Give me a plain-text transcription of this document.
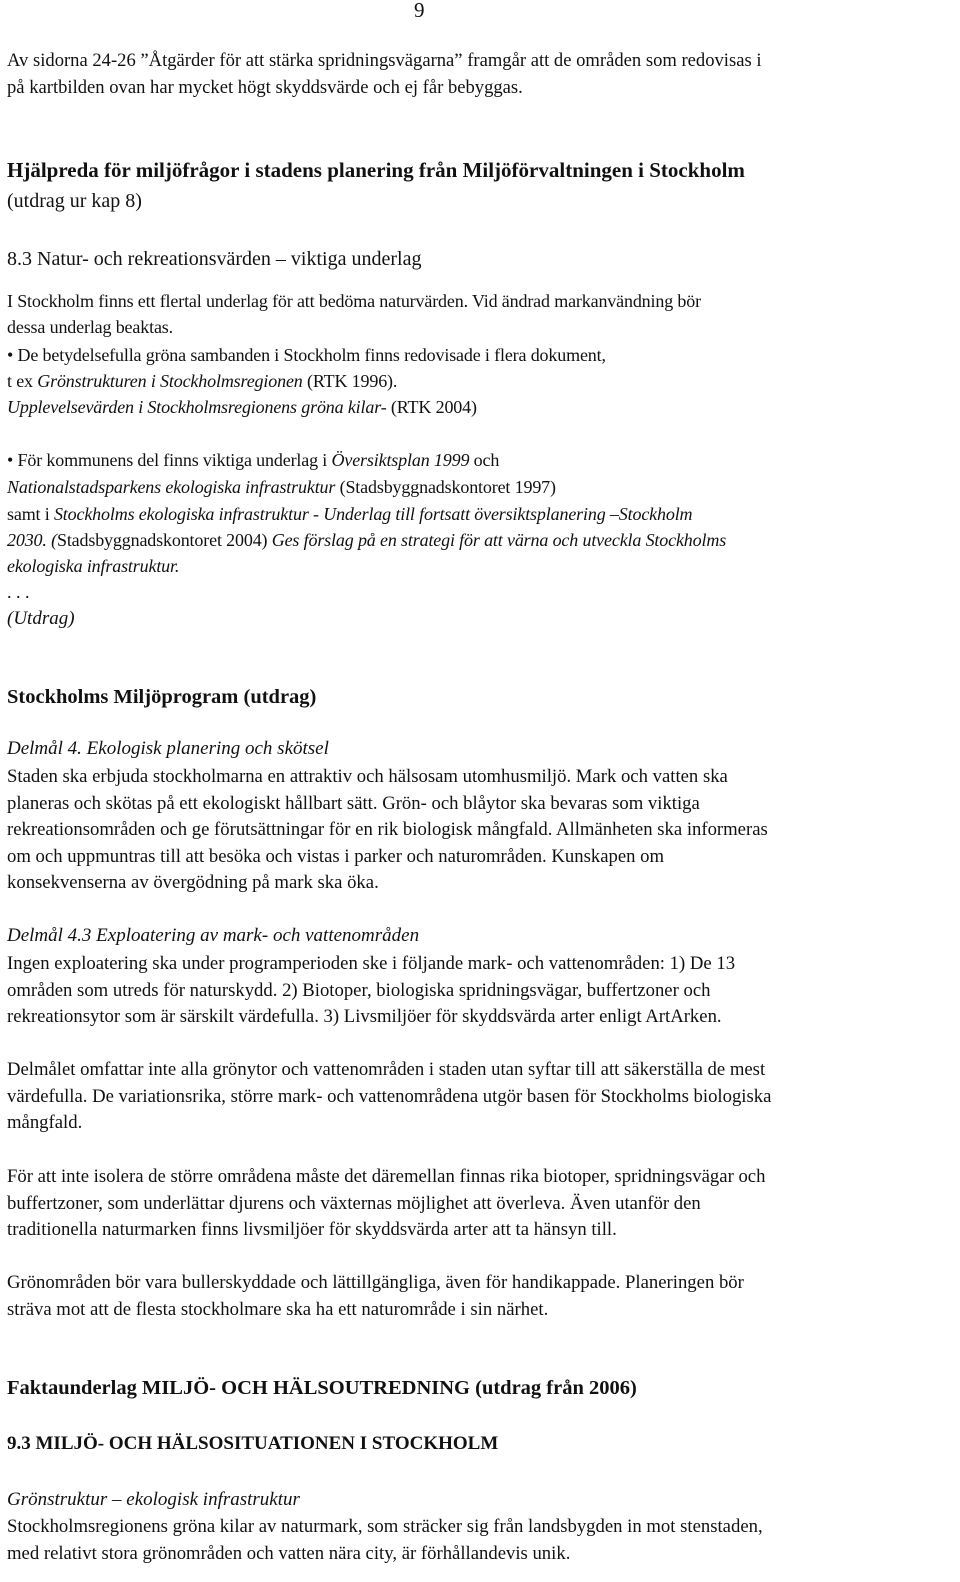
9
Av sidorna 24-26 ”Åtgärder för att stärka spridningsvägarna” framgår att de områden som redovisas i
på kartbilden ovan har mycket högt skyddsvärde och ej får bebyggas.
Hjälpreda för miljöfrågor i stadens planering från Miljöförvaltningen i Stockholm
(utdrag ur kap 8)
8.3 Natur- och rekreationsvärden – viktiga underlag
I Stockholm finns ett flertal underlag för att bedöma naturvärden. Vid ändrad markanvändning bör
dessa underlag beaktas.
• De betydelsefulla gröna sambanden i Stockholm finns redovisade i flera dokument,
t ex Grönstrukturen i Stockholmsregionen (RTK 1996).
Upplevelsevärden i Stockholmsregionens gröna kilar- (RTK 2004)
• För kommunens del finns viktiga underlag i Översiktsplan 1999 och
Nationalstadsparkens ekologiska infrastruktur (Stadsbyggnadskontoret 1997)
samt i Stockholms ekologiska infrastruktur - Underlag till fortsatt översiktsplanering –Stockholm
2030. (Stadsbyggnadskontoret 2004) Ges förslag på en strategi för att värna och utveckla Stockholms
ekologiska infrastruktur.
. . .
(Utdrag)
Stockholms Miljöprogram (utdrag)
Delmål 4. Ekologisk planering och skötsel

Staden ska erbjuda stockholmarna en attraktiv och hälsosam utomhusmiljö. Mark och vatten ska

planeras och skötas på ett ekologiskt hållbart sätt. Grön- och blåytor ska bevaras som viktiga

rekreationsområden och ge förutsättningar för en rik biologisk mångfald. Allmänheten ska informeras

om och uppmuntras till att besöka och vistas i parker och naturområden. Kunskapen om

konsekvenserna av övergödning på mark ska öka.

Delmål 4.3 Exploatering av mark- och vattenområden

Ingen exploatering ska under programperioden ske i följande mark- och vattenområden: 1) De 13

områden som utreds för naturskydd. 2) Biotoper, biologiska spridningsvägar, buffertzoner och

rekreationsytor som är särskilt värdefulla. 3) Livsmiljöer för skyddsvärda arter enligt ArtArken.

Delmålet omfattar inte alla grönytor och vattenområden i staden utan syftar till att säkerställa de mest

värdefulla. De variationsrika, större mark- och vattenområdena utgör basen för Stockholms biologiska

mångfald.

För att inte isolera de större områdena måste det däremellan finnas rika biotoper, spridningsvägar och

buffertzoner, som underlättar djurens och växternas möjlighet att överleva. Även utanför den

traditionella naturmarken finns livsmiljöer för skyddsvärda arter att ta hänsyn till.

Grönområden bör vara bullerskyddade och lättillgängliga, även för handikappade. Planeringen bör

sträva mot att de flesta stockholmare ska ha ett naturområde i sin närhet.

Faktaunderlag MILJÖ- OCH HÄLSOUTREDNING (utdrag från 2006)
9.3 MILJÖ- OCH HÄLSOSITUATIONEN I STOCKHOLM
Grönstruktur – ekologisk infrastruktur

Stockholmsregionens gröna kilar av naturmark, som sträcker sig från landsbygden in mot stenstaden,

med relativt stora grönområden och vatten nära city, är förhållandevis unik.
